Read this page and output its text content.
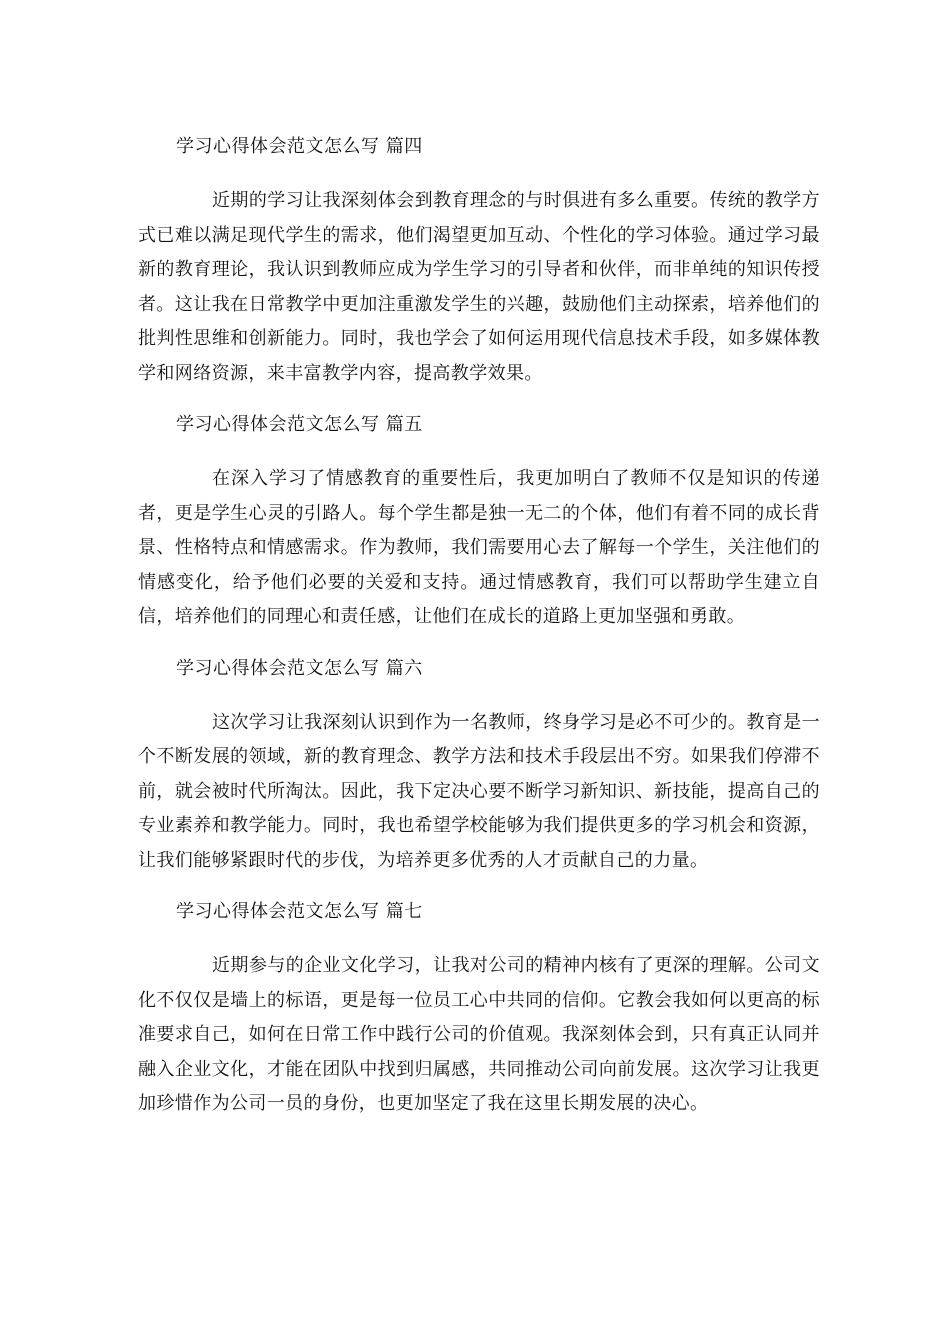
学习心得体会范文怎么写 篇四

近期的学习让我深刻体会到教育理念的与时俱进有多么重要。传统的教学方式已难以满足现代学生的需求，他们渴望更加互动、个性化的学习体验。通过学习最新的教育理论，我认识到教师应成为学生学习的引导者和伙伴，而非单纯的知识传授者。这让我在日常教学中更加注重激发学生的兴趣，鼓励他们主动探索，培养他们的批判性思维和创新能力。同时，我也学会了如何运用现代信息技术手段，如多媒体教学和网络资源，来丰富教学内容，提高教学效果。

学习心得体会范文怎么写 篇五

在深入学习了情感教育的重要性后，我更加明白了教师不仅是知识的传递者，更是学生心灵的引路人。每个学生都是独一无二的个体，他们有着不同的成长背景、性格特点和情感需求。作为教师，我们需要用心去了解每一个学生，关注他们的情感变化，给予他们必要的关爱和支持。通过情感教育，我们可以帮助学生建立自信，培养他们的同理心和责任感，让他们在成长的道路上更加坚强和勇敢。

学习心得体会范文怎么写 篇六

这次学习让我深刻认识到作为一名教师，终身学习是必不可少的。教育是一个不断发展的领域，新的教育理念、教学方法和技术手段层出不穷。如果我们停滞不前，就会被时代所淘汰。因此，我下定决心要不断学习新知识、新技能，提高自己的专业素养和教学能力。同时，我也希望学校能够为我们提供更多的学习机会和资源，让我们能够紧跟时代的步伐，为培养更多优秀的人才贡献自己的力量。

学习心得体会范文怎么写 篇七

近期参与的企业文化学习，让我对公司的精神内核有了更深的理解。公司文化不仅仅是墙上的标语，更是每一位员工心中共同的信仰。它教会我如何以更高的标准要求自己，如何在日常工作中践行公司的价值观。我深刻体会到，只有真正认同并融入企业文化，才能在团队中找到归属感，共同推动公司向前发展。这次学习让我更加珍惜作为公司一员的身份，也更加坚定了我在这里长期发展的决心。
